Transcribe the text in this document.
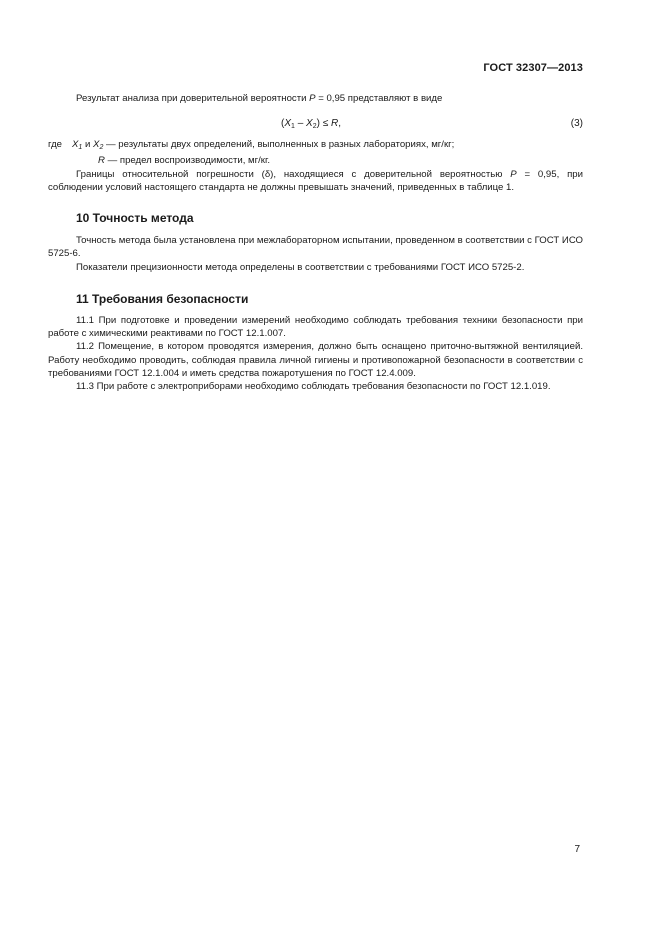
ГОСТ 32307—2013

Результат анализа при доверительной вероятности P = 0,95 представляют в виде

$(X_1 - X_2) \le R$,	(3)
где $X_1$ и $X_2$ — результаты двух определений, выполненных в разных лабораториях, мг/кг;
R — предел воспроизводимости, мг/кг.

Границы относительной погрешности (δ), находящиеся с доверительной вероятностью P = 0,95, при соблюдении условий настоящего стандарта не должны превышать значений, приведенных в таблице 1.

10 Точность метода

Точность метода была установлена при межлабораторном испытании, проведенном в соответствии с ГОСТ ИСО 5725-6.

Показатели прецизионности метода определены в соответствии с требованиями ГОСТ ИСО 5725-2.

11 Требования безопасности

11.1 При подготовке и проведении измерений необходимо соблюдать требования техники безопасности при работе с химическими реактивами по ГОСТ 12.1.007.

11.2 Помещение, в котором проводятся измерения, должно быть оснащено приточно-вытяжной вентиляцией. Работу необходимо проводить, соблюдая правила личной гигиены и противопожарной безопасности в соответствии с требованиями ГОСТ 12.1.004 и иметь средства пожаротушения по ГОСТ 12.4.009.

11.3 При работе с электроприборами необходимо соблюдать требования безопасности по ГОСТ 12.1.019.

7
